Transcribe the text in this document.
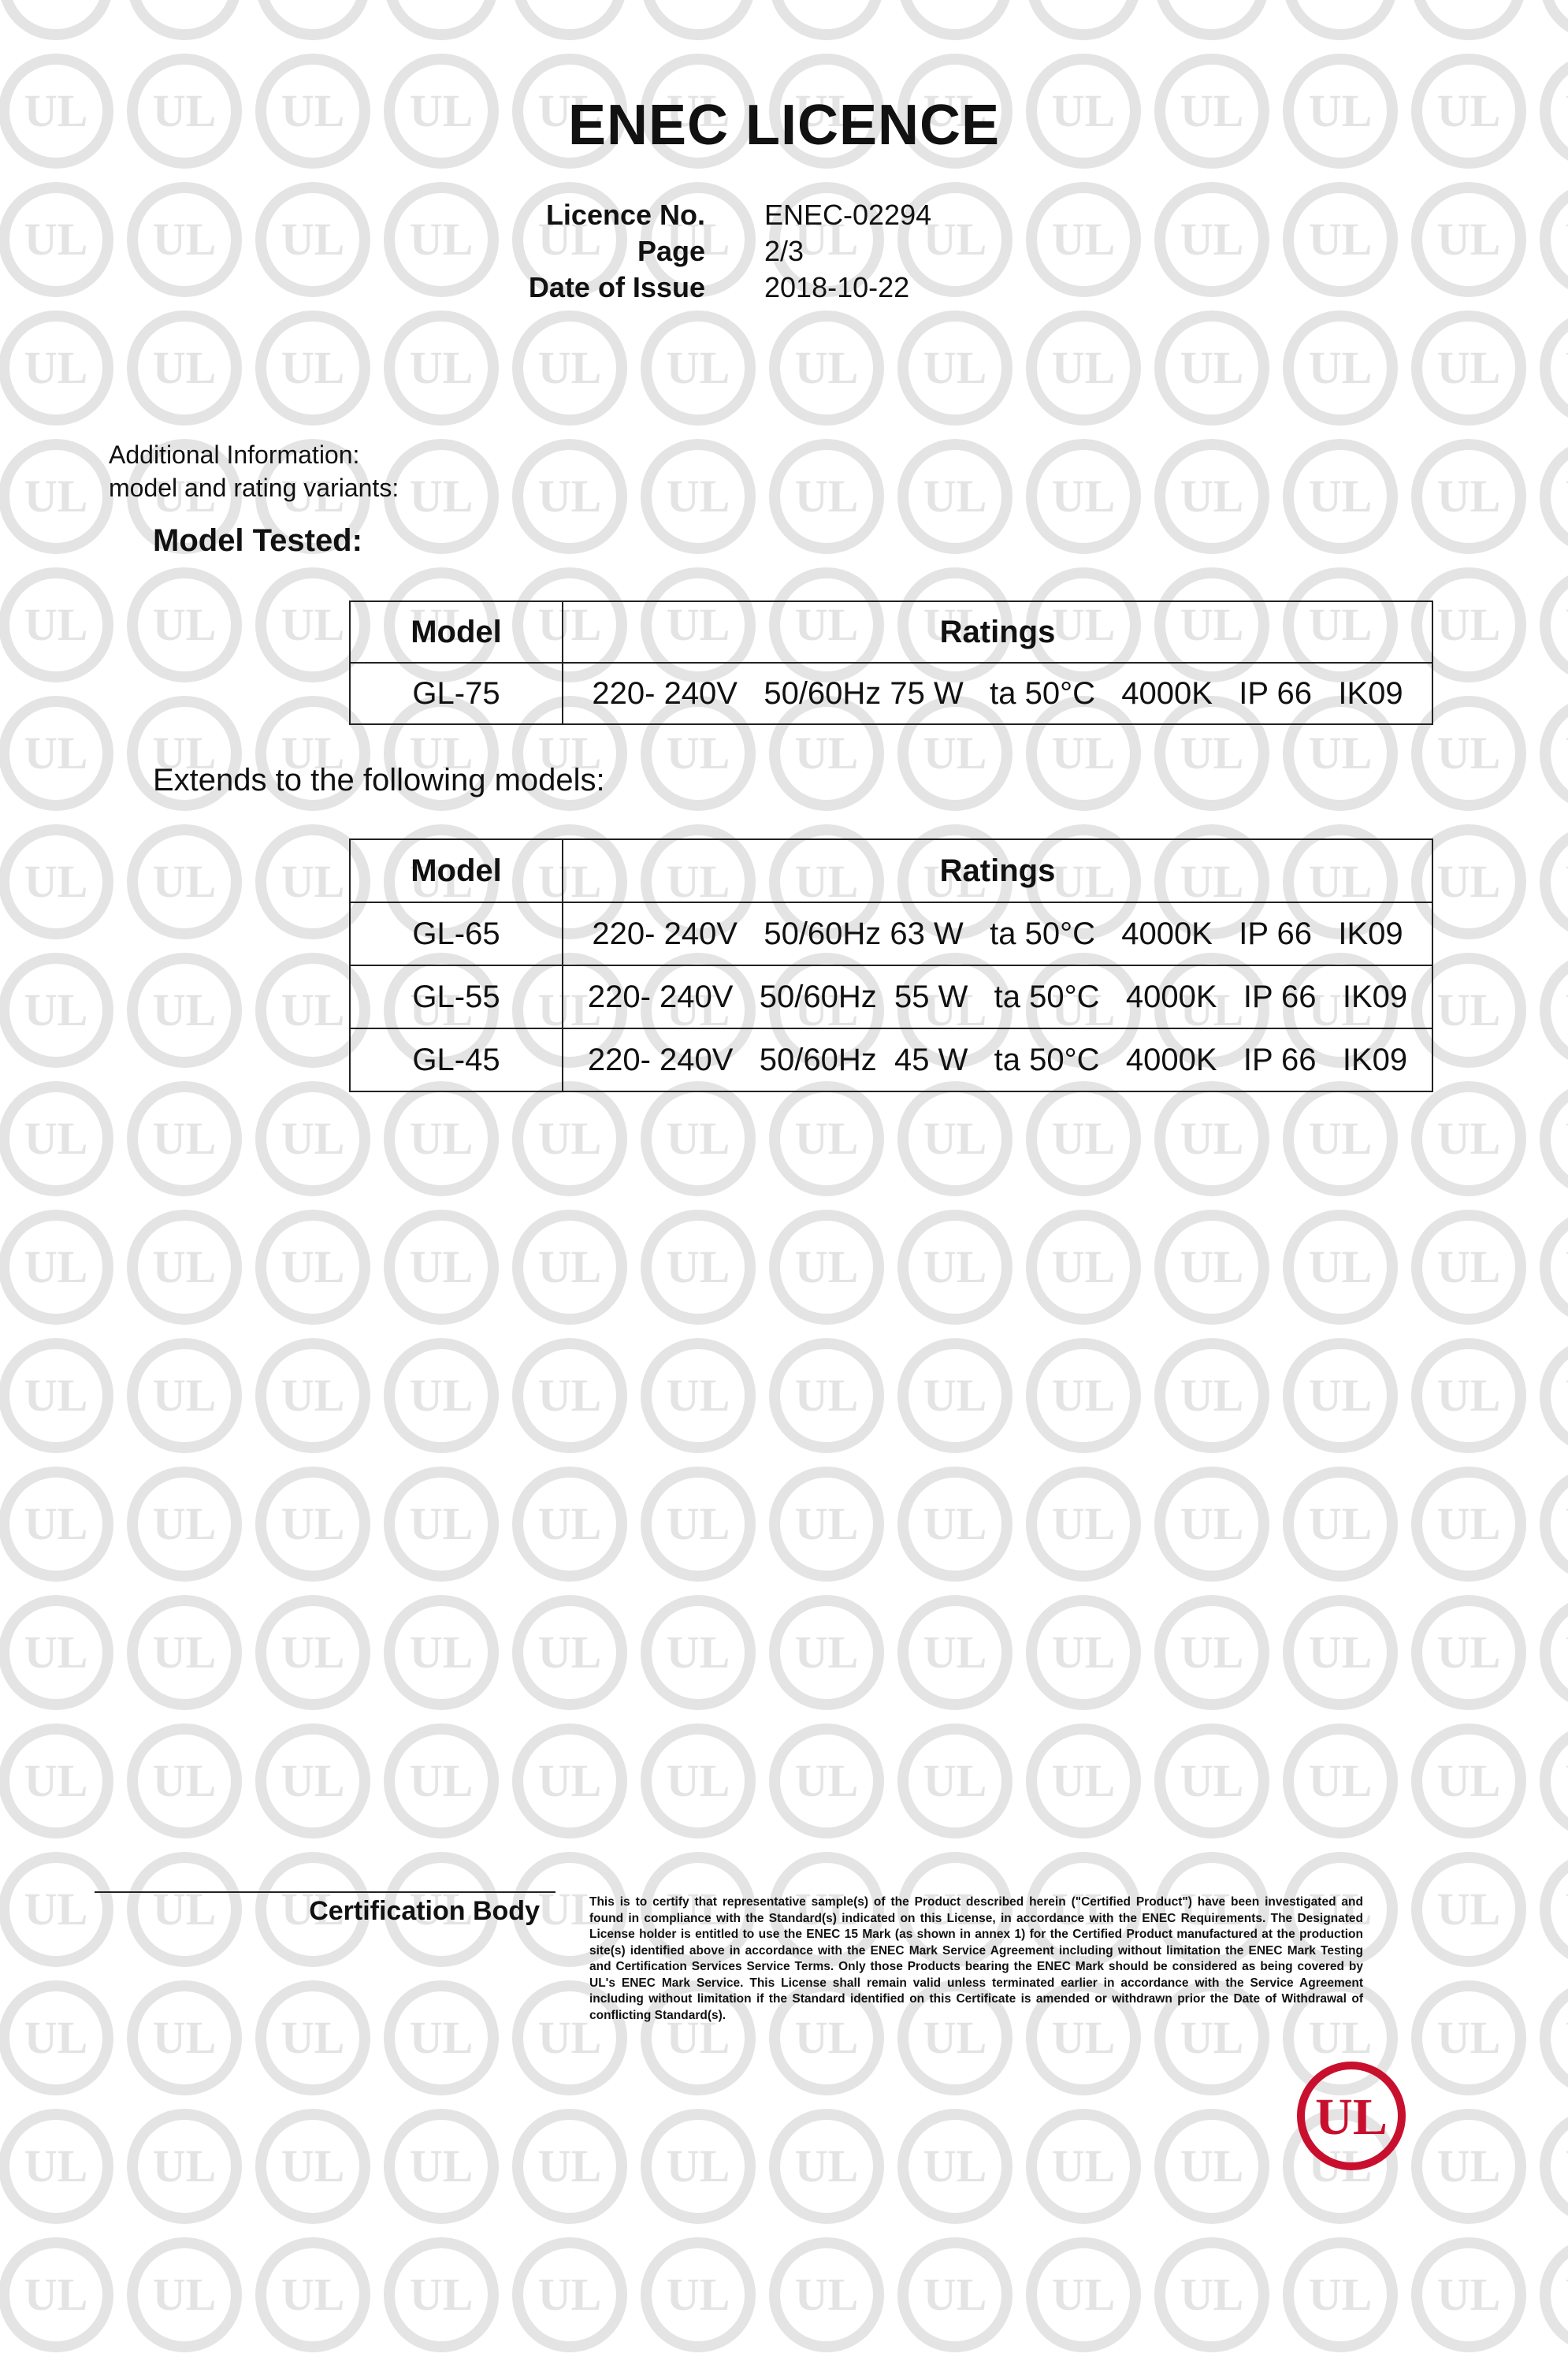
ENEC LICENCE
Licence No.	ENEC-02294
Page	2/3
Date of Issue	2018-10-22
Additional Information:
model and rating variants:
Model Tested:
Model	Ratings
GL-75	220- 240V   50/60Hz 75 W   ta 50°C   4000K   IP 66   IK09
Extends to the following models:
Model	Ratings
GL-65	220- 240V   50/60Hz 63 W   ta 50°C   4000K   IP 66   IK09
GL-55	220- 240V   50/60Hz  55 W   ta 50°C   4000K   IP 66   IK09
GL-45	220- 240V   50/60Hz  45 W   ta 50°C   4000K   IP 66   IK09
Certification Body	This is to certify that representative sample(s) of the Product described herein ("Certified Product") have been investigated and found in compliance with the Standard(s) indicated on this License, in accordance with the ENEC Requirements. The Designated License holder is entitled to use the ENEC 15 Mark (as shown in annex 1) for the Certified Product manufactured at the production site(s) identified above in accordance with the ENEC Mark Service Agreement including without limitation the ENEC Mark Testing and Certification Services Service Terms. Only those Products bearing the ENEC Mark should be considered as being covered by UL's ENEC Mark Service. This License shall remain valid unless terminated earlier in accordance with the Service Agreement including without limitation if the Standard identified on this Certificate is amended or withdrawn prior the Date of Withdrawal of conflicting Standard(s).
UL
